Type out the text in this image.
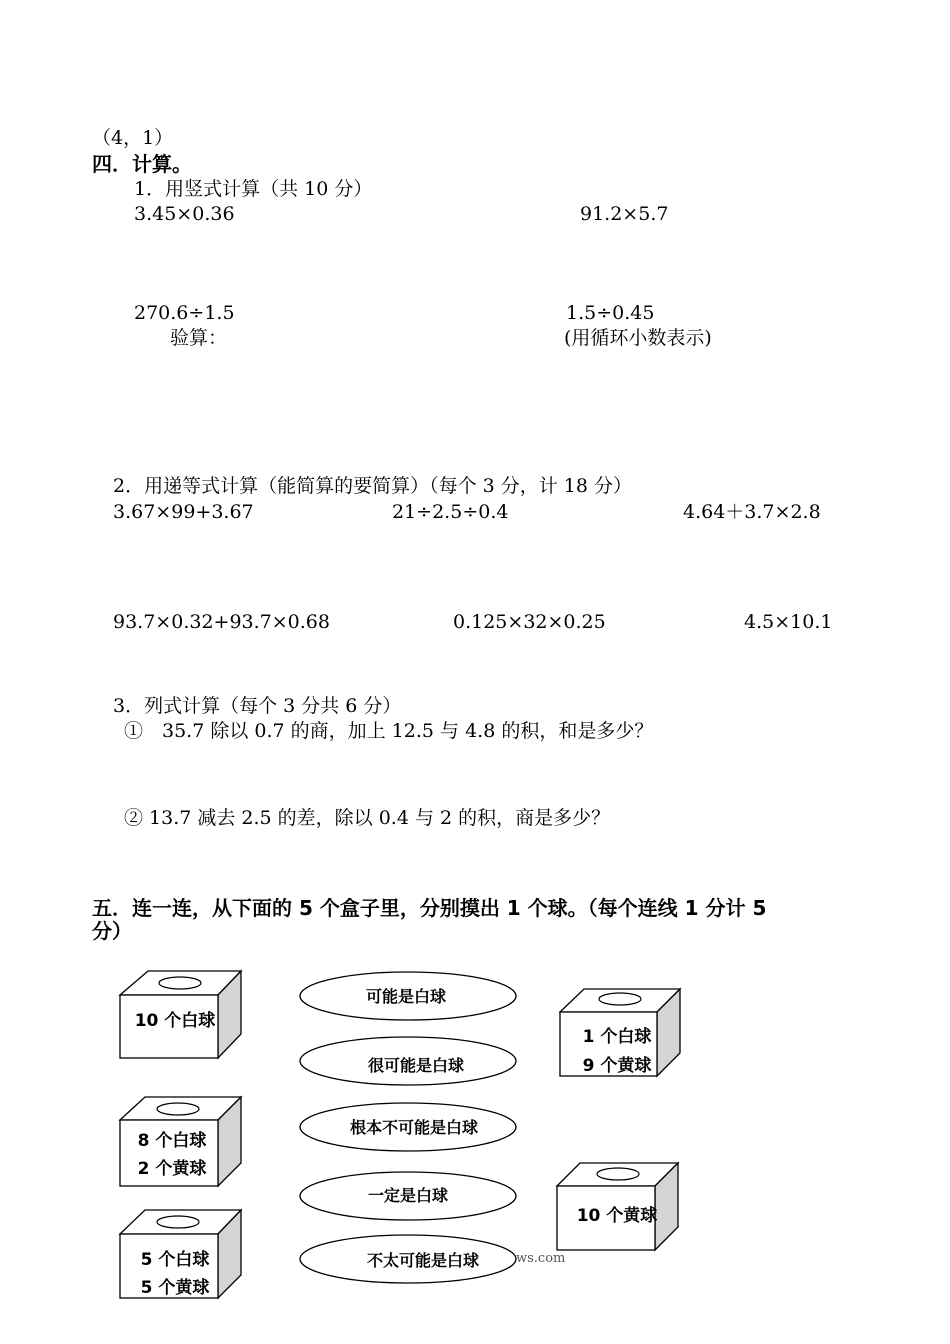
（4，1）
四．计算。
1．用竖式计算（共 10 分）
3.45×0.36	91.2×5.7
270.6÷1.5	1.5÷0.45
验算：	(用循环小数表示)
2．用递等式计算（能简算的要简算）（每个 3 分，计 18 分）
3.67×99+3.67	21÷2.5÷0.4	4.64＋3.7×2.8
93.7×0.32+93.7×0.68	0.125×32×0.25	4.5×10.1
3．列式计算（每个 3 分共 6 分）
①　35.7 除以 0.7 的商，加上 12.5 与 4.8 的积，和是多少？
② 13.7 减去 2.5 的差，除以 0.4 与 2 的积，商是多少？
五．连一连，从下面的 5 个盒子里，分别摸出 1 个球。（每个连线 1 分计 5
分）
10 个白球
8 个白球
2 个黄球
5 个白球
5 个黄球
1 个白球
9 个黄球
10 个黄球
ws.com
可能是白球
很可能是白球
根本不可能是白球
一定是白球
不太可能是白球
